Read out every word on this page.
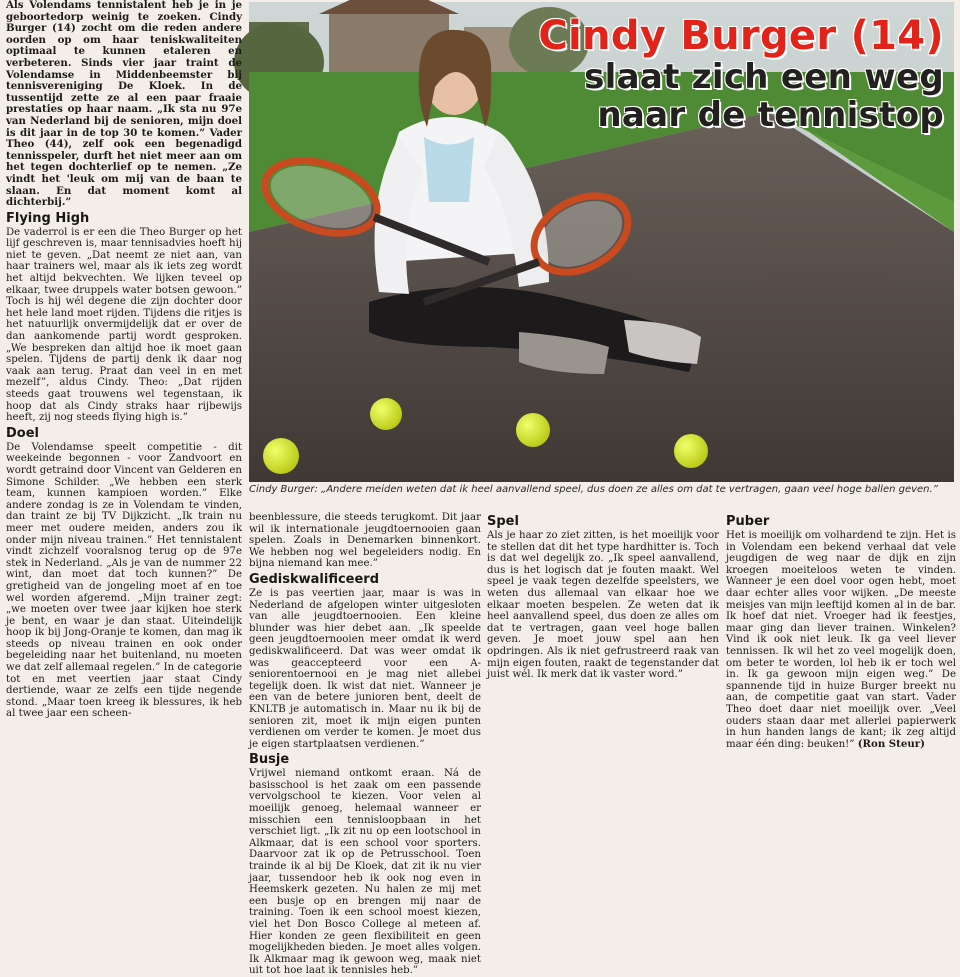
Cindy Burger (14)
slaat zich een weg
naar de tennistop
Cindy Burger: „Andere meiden weten dat ik heel aanvallend speel, dus doen ze alles om dat te vertragen, gaan veel hoge ballen geven.”

Als Volendams tennistalent heb je in je geboortedorp weinig te zoeken. Cindy Burger (14) zocht om die reden andere oorden op om haar teniskwaliteiten optimaal te kunnen etaleren en verbeteren. Sinds vier jaar traint de Volendamse in Middenbeemster bij tennisvereniging De Kloek. In de tussentijd zette ze al een paar fraaie prestaties op haar naam. „Ik sta nu 97e van Nederland bij de senioren, mijn doel is dit jaar in de top 30 te komen.” Vader Theo (44), zelf ook een begenadigd tennisspeler, durft het niet meer aan om het tegen dochterlief op te nemen. „Ze vindt het 'leuk om mij van de baan te slaan. En dat moment komt al dichterbij.”

Flying High

De vaderrol is er een die Theo Burger op het lijf geschreven is, maar tennisadvies hoeft hij niet te geven. „Dat neemt ze niet aan, van haar trainers wel, maar als ik iets zeg wordt het altijd bekvechten. We lijken teveel op elkaar, twee druppels water botsen gewoon.” Toch is hij wél degene die zijn dochter door het hele land moet rijden. Tijdens die ritjes is het natuurlijk onvermijdelijk dat er over de dan aankomende partij wordt gesproken. „We bespreken dan altijd hoe ik moet gaan spelen. Tijdens de partij denk ik daar nog vaak aan terug. Praat dan veel in en met mezelf”, aldus Cindy. Theo: „Dat rijden steeds gaat trouwens wel tegenstaan, ik hoop dat als Cindy straks haar rijbewijs heeft, zij nog steeds flying high is.”

Doel

De Volendamse speelt competitie - dit weekeinde begonnen - voor Zandvoort en wordt getraind door Vincent van Gelderen en Simone Schilder. „We hebben een sterk team, kunnen kampioen worden.” Elke andere zondag is ze in Volendam te vinden, dan traint ze bij TV Dijkzicht. „Ik train nu meer met oudere meiden, anders zou ik onder mijn niveau trainen.” Het tennistalent vindt zichzelf vooralsnog terug op de 97e stek in Nederland. „Als je van de nummer 22 wint, dan moet dat toch kunnen?” De gretigheid van de jongeling moet af en toe wel worden afgeremd. „Mijn trainer zegt: „we moeten over twee jaar kijken hoe sterk je bent, en waar je dan staat. Uiteindelijk hoop ik bij Jong-Oranje te komen, dan mag ik steeds op niveau trainen en ook onder begeleiding naar het buitenland, nu moeten we dat zelf allemaal regelen.” In de categorie tot en met veertien jaar staat Cindy dertiende, waar ze zelfs een tijde negende stond. „Maar toen kreeg ik blessures, ik heb al twee jaar een scheen-

beenblessure, die steeds terugkomt. Dit jaar wil ik internationale jeugdtoernooien gaan spelen. Zoals in Denemarken binnenkort. We hebben nog wel begeleiders nodig. En bijna niemand kan mee.”

Gediskwalificeerd

Ze is pas veertien jaar, maar is was in Nederland de afgelopen winter uitgesloten van alle jeugdtoernooien. Een kleine blunder was hier debet aan. „Ik speelde geen jeugdtoernooien meer omdat ik werd gediskwalificeerd. Dat was weer omdat ik was geaccepteerd voor een A-seniorentoernooi en je mag niet allebei tegelijk doen. Ik wist dat niet. Wanneer je een van de betere junioren bent, deelt de KNLTB je automatisch in. Maar nu ik bij de senioren zit, moet ik mijn eigen punten verdienen om verder te komen. Je moet dus je eigen startplaatsen verdienen.”

Busje

Vrijwel niemand ontkomt eraan. Ná de basisschool is het zaak om een passende vervolgschool te kiezen. Voor velen al moeilijk genoeg, helemaal wanneer er misschien een tennisloopbaan in het verschiet ligt. „Ik zit nu op een lootschool in Alkmaar, dat is een school voor sporters. Daarvoor zat ik op de Petrusschool. Toen trainde ik al bij De Kloek, dat zit ik nu vier jaar, tussendoor heb ik ook nog even in Heemskerk gezeten. Nu halen ze mij met een busje op en brengen mij naar de training. Toen ik een school moest kiezen, viel het Don Bosco College al meteen af. Hier konden ze geen flexibiliteit en geen mogelijkheden bieden. Je moet alles volgen. Ik Alkmaar mag ik gewoon weg, maak niet uit tot hoe laat ik tennisles heb.”

Spel

Als je haar zo ziet zitten, is het moeilijk voor te stellen dat dit het type hardhitter is. Toch is dat wel degelijk zo. „Ik speel aanvallend, dus is het logisch dat je fouten maakt. Wel speel je vaak tegen dezelfde speelsters, we weten dus allemaal van elkaar hoe we elkaar moeten bespelen. Ze weten dat ik heel aanvallend speel, dus doen ze alles om dat te vertragen, gaan veel hoge ballen geven. Je moet jouw spel aan hen opdringen. Als ik niet gefrustreerd raak van mijn eigen fouten, raakt de tegenstander dat juist wél. Ik merk dat ik vaster word.”

Puber

Het is moeilijk om volhardend te zijn. Het is in Volendam een bekend verhaal dat vele jeugdigen de weg naar de dijk en zijn kroegen moeiteloos weten te vinden. Wanneer je een doel voor ogen hebt, moet daar echter alles voor wijken. „De meeste meisjes van mijn leeftijd komen al in de bar. Ik hoef dat niet. Vroeger had ik feestjes, maar ging dan liever trainen. Winkelen? Vind ik ook niet leuk. Ik ga veel liever tennissen. Ik wil het zo veel mogelijk doen, om beter te worden, lol heb ik er toch wel in. Ik ga gewoon mijn eigen weg.” De spannende tijd in huize Burger breekt nu aan, de competitie gaat van start. Vader Theo doet daar niet moeilijk over. „Veel ouders staan daar met allerlei papierwerk in hun handen langs de kant; ik zeg altijd maar één ding: beuken!” (Ron Steur)
